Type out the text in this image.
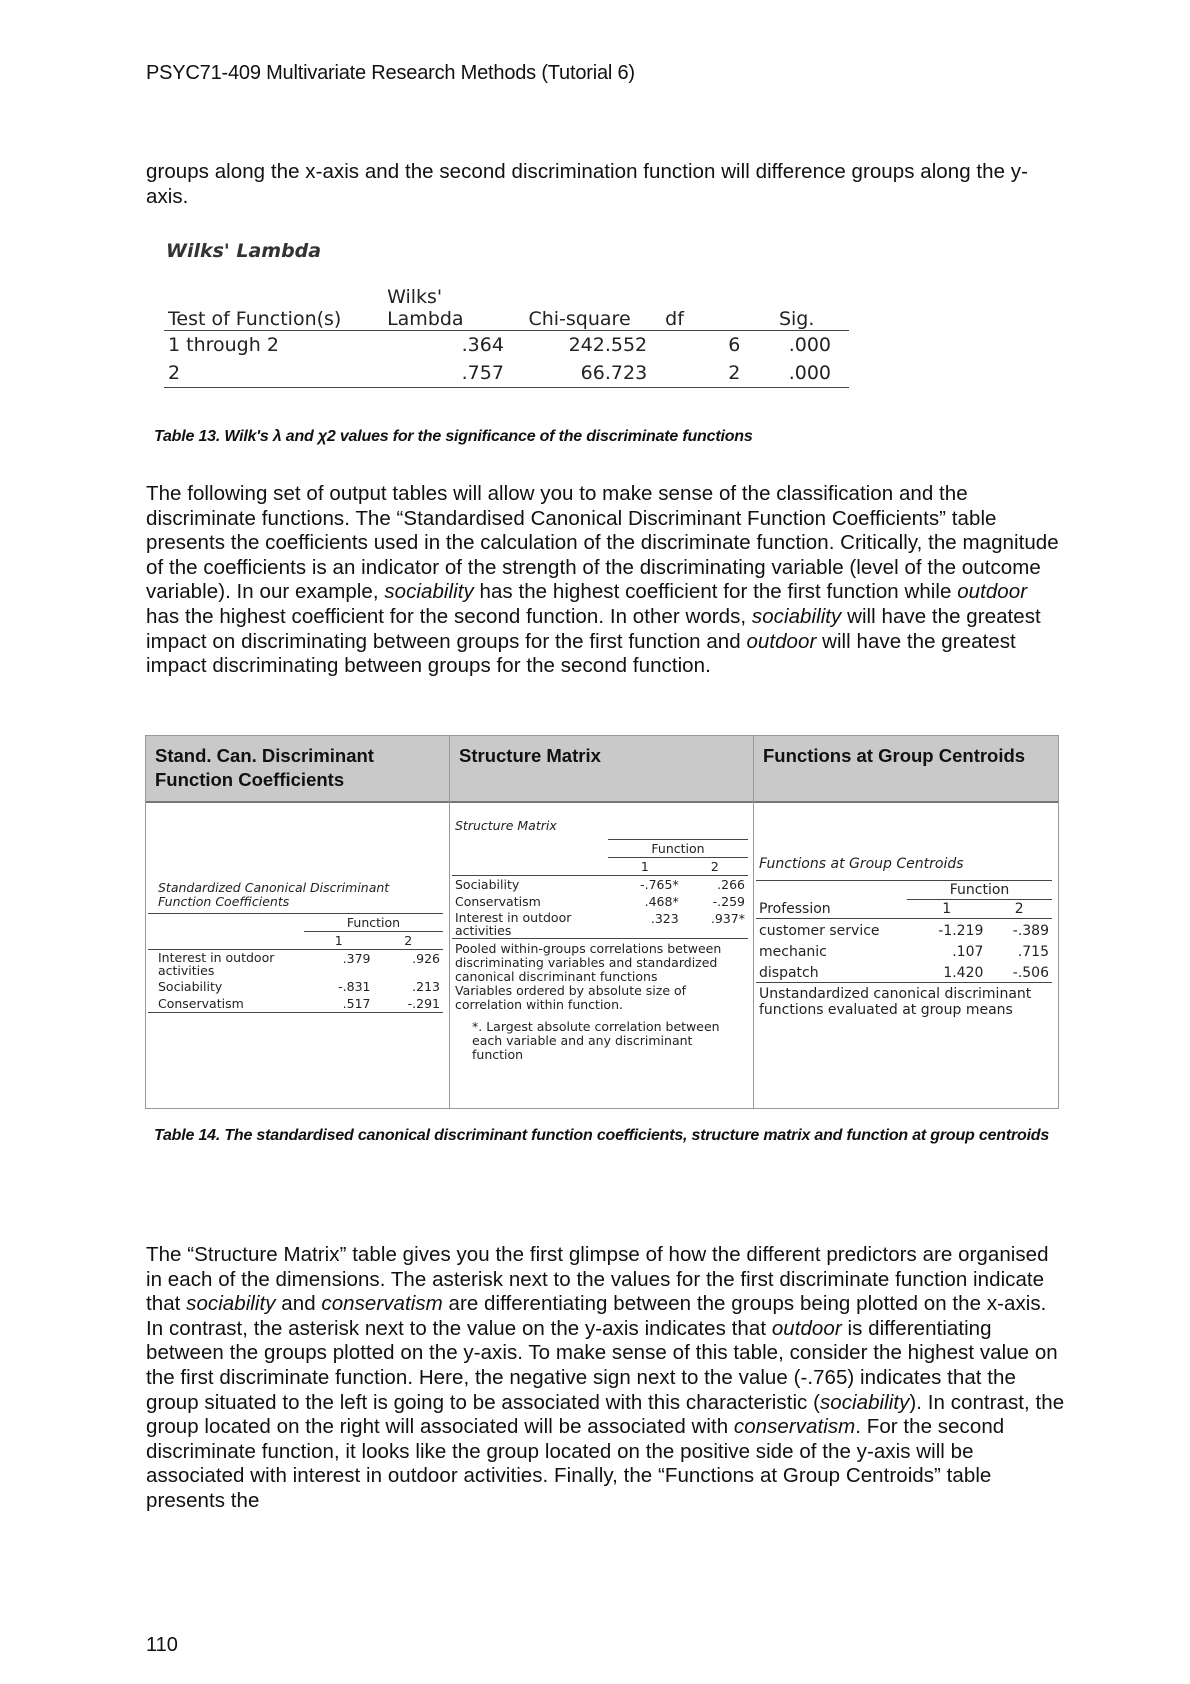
PSYC71-409 Multivariate Research Methods (Tutorial 6)

groups along the x-axis and the second discrimination function will difference groups along the y-axis.

Wilks' Lambda
Test of Function(s)	Wilks' Lambda	Chi-square	df	Sig.
1 through 2	.364	242.552	6	.000
2	.757	66.723	2	.000
Table 13. Wilk's λ and χ2 values for the significance of the discriminate functions

The following set of output tables will allow you to make sense of the classification and the discriminate functions. The “Standardised Canonical Discriminant Function Coefficients” table presents the coefficients used in the calculation of the discriminate function. Critically, the magnitude of the coefficients is an indicator of the strength of the discriminating variable (level of the outcome variable). In our example, sociability has the highest coefficient for the first function while outdoor has the highest coefficient for the second function. In other words, sociability will have the greatest impact on discriminating between groups for the first function and outdoor will have the greatest impact discriminating between groups for the second function.

Stand. Can. Discriminant Function Coefficients
Structure Matrix	Functions at Group Centroids
Standardized Canonical Discriminant Function Coefficients
	Function	
	1	2
Interest in outdoor activities	.379	.926
Sociability	-.831	.213
Conservatism	.517	-.291
Structure Matrix
	Function	
	1	2
Sociability	-.765*	.266
Conservatism	.468*	-.259
Interest in outdoor activities	.323	.937*
Pooled within-groups correlations between discriminating variables and standardized canonical discriminant functions
Variables ordered by absolute size of correlation within function.
*. Largest absolute correlation between each variable and any discriminant function
Functions at Group Centroids
	Function	
Profession	1	2
customer service	-1.219	-.389
mechanic	.107	.715
dispatch	1.420	-.506
Unstandardized canonical discriminant functions evaluated at group means
Table 14. The standardised canonical discriminant function coefficients, structure matrix and function at group centroids

The “Structure Matrix” table gives you the first glimpse of how the different predictors are organised in each of the dimensions. The asterisk next to the values for the first discriminate function indicate that sociability and conservatism are differentiating between the groups being plotted on the x-axis. In contrast, the asterisk next to the value on the y-axis indicates that outdoor is differentiating between the groups plotted on the y-axis. To make sense of this table, consider the highest value on the first discriminate function. Here, the negative sign next to the value (-.765) indicates that the group situated to the left is going to be associated with this characteristic (sociability). In contrast, the group located on the right will associated will be associated with conservatism. For the second discriminate function, it looks like the group located on the positive side of the y-axis will be associated with interest in outdoor activities. Finally, the “Functions at Group Centroids” table presents the

110
